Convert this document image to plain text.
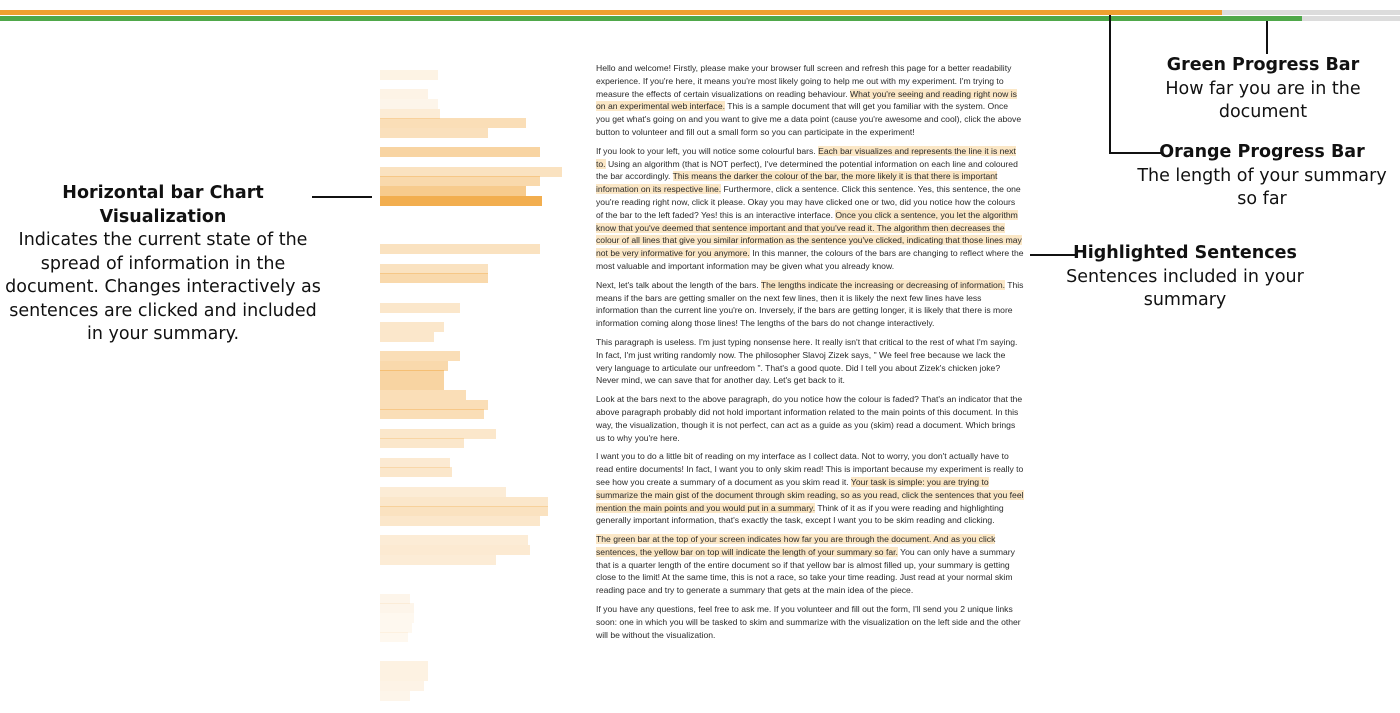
Hello and welcome! Firstly, please make your browser full screen and refresh this page for a better readability experience. If you're here, it means you're most likely going to help me out with my experiment. I'm trying to measure the effects of certain visualizations on reading behaviour. What you're seeing and reading right now is on an experimental web interface. This is a sample document that will get you familiar with the system. Once you get what's going on and you want to give me a data point (cause you're awesome and cool), click the above button to volunteer and fill out a small form so you can participate in the experiment!

If you look to your left, you will notice some colourful bars. Each bar visualizes and represents the line it is next to. Using an algorithm (that is NOT perfect), I've determined the potential information on each line and coloured the bar accordingly. This means the darker the colour of the bar, the more likely it is that there is important information on its respective line. Furthermore, click a sentence. Click this sentence. Yes, this sentence, the one you're reading right now, click it please. Okay you may have clicked one or two, did you notice how the colours of the bar to the left faded? Yes! this is an interactive interface. Once you click a sentence, you let the algorithm know that you've deemed that sentence important and that you've read it. The algorithm then decreases the colour of all lines that give you similar information as the sentence you've clicked, indicating that those lines may not be very informative for you anymore. In this manner, the colours of the bars are changing to reflect where the most valuable and important information may be given what you already know.

Next, let's talk about the length of the bars. The lengths indicate the increasing or decreasing of information. This means if the bars are getting smaller on the next few lines, then it is likely the next few lines have less information than the current line you're on. Inversely, if the bars are getting longer, it is likely that there is more information coming along those lines! The lengths of the bars do not change interactively.

This paragraph is useless. I'm just typing nonsense here. It really isn't that critical to the rest of what I'm saying. In fact, I'm just writing randomly now. The philosopher Slavoj Zizek says, " We feel free because we lack the very language to articulate our unfreedom ". That's a good quote. Did I tell you about Zizek's chicken joke? Never mind, we can save that for another day. Let's get back to it.

Look at the bars next to the above paragraph, do you notice how the colour is faded? That's an indicator that the above paragraph probably did not hold important information related to the main points of this document. In this way, the visualization, though it is not perfect, can act as a guide as you (skim) read a document. Which brings us to why you're here.

I want you to do a little bit of reading on my interface as I collect data. Not to worry, you don't actually have to read entire documents! In fact, I want you to only skim read! This is important because my experiment is really to see how you create a summary of a document as you skim read it. Your task is simple: you are trying to summarize the main gist of the document through skim reading, so as you read, click the sentences that you feel mention the main points and you would put in a summary. Think of it as if you were reading and highlighting generally important information, that's exactly the task, except I want you to be skim reading and clicking.

The green bar at the top of your screen indicates how far you are through the document. And as you click sentences, the yellow bar on top will indicate the length of your summary so far. You can only have a summary that is a quarter length of the entire document so if that yellow bar is almost filled up, your summary is getting close to the limit! At the same time, this is not a race, so take your time reading. Just read at your normal skim reading pace and try to generate a summary that gets at the main idea of the piece.

If you have any questions, feel free to ask me. If you volunteer and fill out the form, I'll send you 2 unique links soon: one in which you will be tasked to skim and summarize with the visualization on the left side and the other will be without the visualization.

Green Progress Bar
How far you are in the document
Orange Progress Bar
The length of your summary so far
Horizontal bar Chart Visualization
Indicates the current state of the spread of information in the document. Changes interactively as sentences are clicked and included in your summary.
Highlighted Sentences
Sentences included in your summary
